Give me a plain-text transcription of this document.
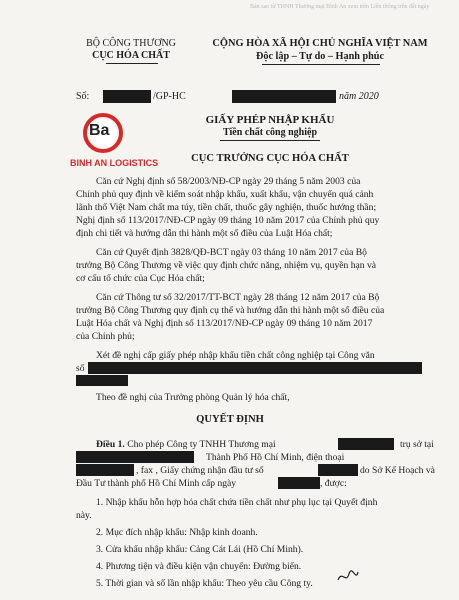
Bản sao từ THNH Thương mại Bình An xem trên Liên thông trên đất ngày
BỘ CÔNG THƯƠNG
CỤC HÓA CHẤT
CỘNG HÒA XÃ HỘI CHỦ NGHĨA VIỆT NAM
Độc lập – Tự do – Hạnh phúc
Số:	/GP-HC	năm 2020
Ba
BINH AN LOGISTICS
GIẤY PHÉP NHẬP KHẨU
Tiền chất công nghiệp
CỤC TRƯỞNG CỤC HÓA CHẤT
Căn cứ Nghị định số 58/2003/NĐ-CP ngày 29 tháng 5 năm 2003 của
Chính phủ quy định về kiểm soát nhập khẩu, xuất khẩu, vận chuyển quá cảnh
lãnh thổ Việt Nam chất ma túy, tiền chất, thuốc gây nghiện, thuốc hướng thần;
Nghị định số 113/2017/NĐ-CP ngày 09 tháng 10 năm 2017 của Chính phủ quy
định chi tiết và hướng dẫn thi hành một số điều của Luật Hóa chất;
Căn cứ Quyết định 3828/QĐ-BCT ngày 03 tháng 10 năm 2017 của Bộ
trưởng Bộ Công Thương về việc quy định chức năng, nhiệm vụ, quyền hạn và
cơ cấu tổ chức của Cục Hóa chất;
Căn cứ Thông tư số 32/2017/TT-BCT ngày 28 tháng 12 năm 2017 của Bộ
trưởng Bộ Công Thương quy định cụ thể và hướng dẫn thi hành một số điều của
Luật Hóa chất và Nghị định số 113/2017/NĐ-CP ngày 09 tháng 10 năm 2017
của Chính phủ;
Xét đề nghị cấp giấy phép nhập khẩu tiền chất công nghiệp tại Công văn
số
Theo đề nghị của Trưởng phòng Quản lý hóa chất,
QUYẾT ĐỊNH
Điều 1. Cho phép Công ty TNHH Thương mại	trụ sở tại
Thành Phố Hồ Chí Minh, điện thoại
, fax , Giấy chứng nhận đầu tư số	do Sở Kế Hoạch và
Đầu Tư thành phố Hồ Chí Minh cấp ngày	, được:
1. Nhập khẩu hỗn hợp hóa chất chứa tiền chất như phụ lục tại Quyết định
này.
2. Mục đích nhập khẩu: Nhập kinh doanh.
3. Cửa khẩu nhập khẩu: Cảng Cát Lái (Hồ Chí Minh).
4. Phương tiện và điều kiện vận chuyển: Đường biển.
5. Thời gian và số lần nhập khẩu: Theo yêu cầu Công ty.
